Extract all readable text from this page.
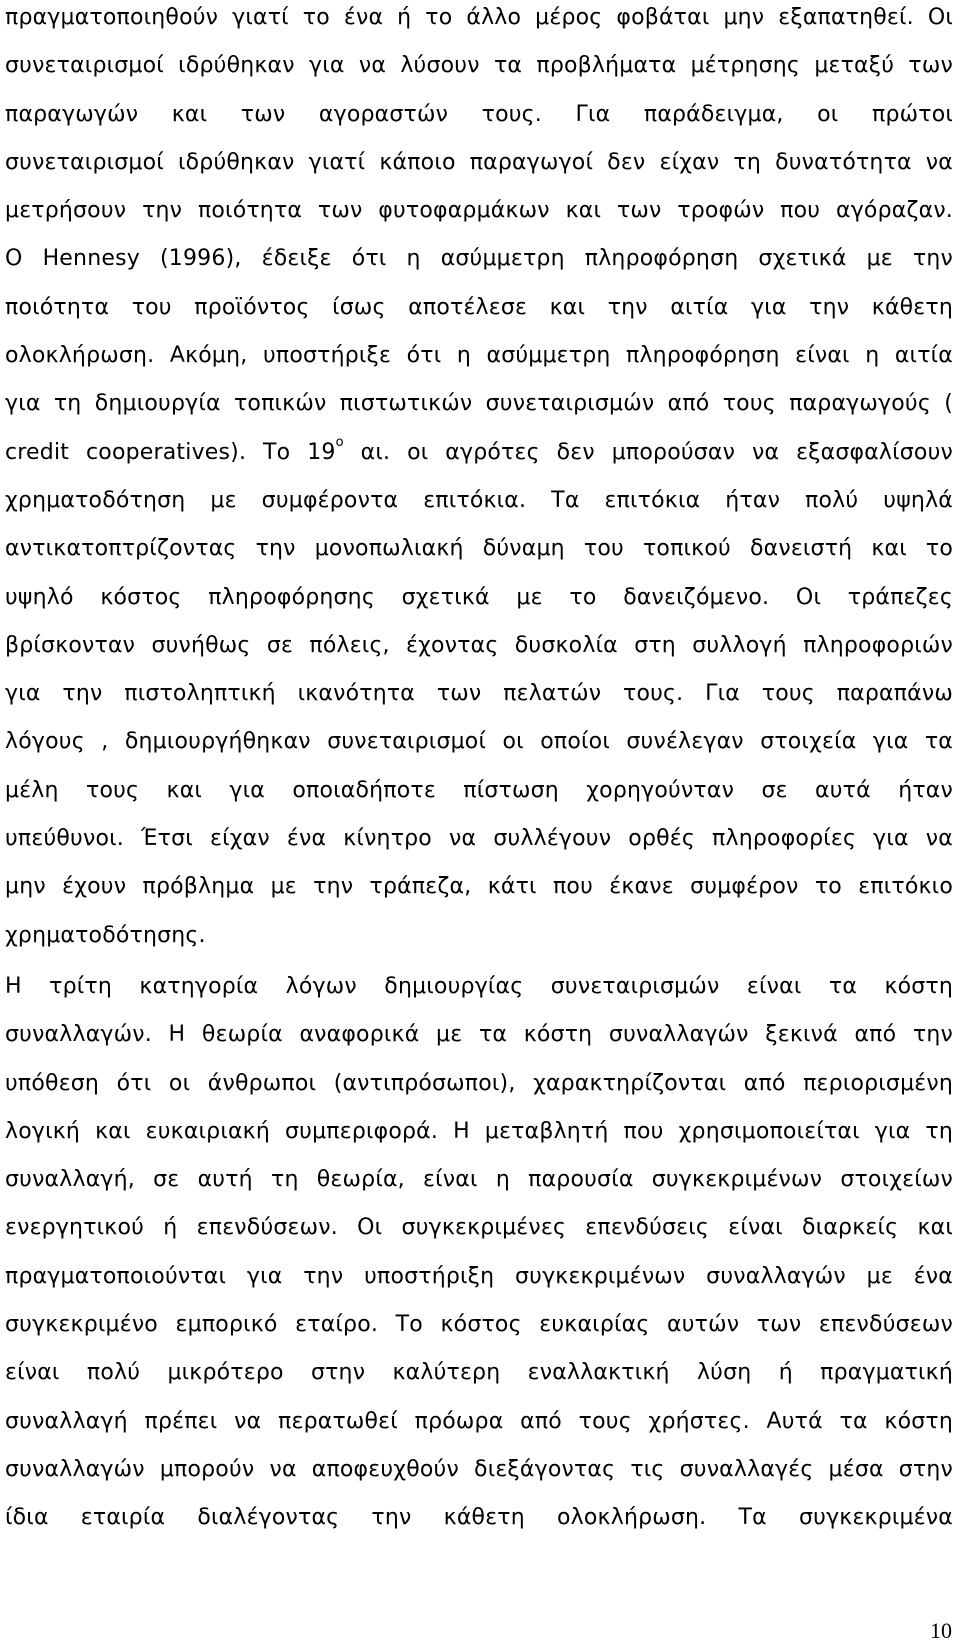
πραγματοποιηθούν γιατί το ένα ή το άλλο μέρος φοβάται μην εξαπατηθεί. Οι
συνεταιρισμοί ιδρύθηκαν για να λύσουν τα προβλήματα μέτρησης μεταξύ των
παραγωγών και των αγοραστών τους. Για παράδειγμα, οι πρώτοι
συνεταιρισμοί ιδρύθηκαν γιατί κάποιο παραγωγοί δεν είχαν τη δυνατότητα να
μετρήσουν την ποιότητα των φυτοφαρμάκων και των τροφών που αγόραζαν.
Ο Hennesy (1996), έδειξε ότι η ασύμμετρη πληροφόρηση σχετικά με την
ποιότητα του προϊόντος ίσως αποτέλεσε και την αιτία για την κάθετη
ολοκλήρωση. Ακόμη, υποστήριξε ότι η ασύμμετρη πληροφόρηση είναι η αιτία
για τη δημιουργία τοπικών πιστωτικών συνεταιρισμών από τους παραγωγούς (
credit cooperatives). Το $19^o$ αι. οι αγρότες δεν μπορούσαν να εξασφαλίσουν
χρηματοδότηση με συμφέροντα επιτόκια. Τα επιτόκια ήταν πολύ υψηλά
αντικατοπτρίζοντας την μονοπωλιακή δύναμη του τοπικού δανειστή και το
υψηλό κόστος πληροφόρησης σχετικά με το δανειζόμενο. Οι τράπεζες
βρίσκονταν συνήθως σε πόλεις, έχοντας δυσκολία στη συλλογή πληροφοριών
για την πιστοληπτική ικανότητα των πελατών τους. Για τους παραπάνω
λόγους , δημιουργήθηκαν συνεταιρισμοί οι οποίοι συνέλεγαν στοιχεία για τα
μέλη τους και για οποιαδήποτε πίστωση χορηγούνταν σε αυτά ήταν
υπεύθυνοι. Έτσι είχαν ένα κίνητρο να συλλέγουν ορθές πληροφορίες για να
μην έχουν πρόβλημα με την τράπεζα, κάτι που έκανε συμφέρον το επιτόκιο
χρηματοδότησης.
Η τρίτη κατηγορία λόγων δημιουργίας συνεταιρισμών είναι τα κόστη
συναλλαγών. Η θεωρία αναφορικά με τα κόστη συναλλαγών ξεκινά από την
υπόθεση ότι οι άνθρωποι (αντιπρόσωποι), χαρακτηρίζονται από περιορισμένη
λογική και ευκαιριακή συμπεριφορά. Η μεταβλητή που χρησιμοποιείται για τη
συναλλαγή, σε αυτή τη θεωρία, είναι η παρουσία συγκεκριμένων στοιχείων
ενεργητικού ή επενδύσεων. Οι συγκεκριμένες επενδύσεις είναι διαρκείς και
πραγματοποιούνται για την υποστήριξη συγκεκριμένων συναλλαγών με ένα
συγκεκριμένο εμπορικό εταίρο. Το κόστος ευκαιρίας αυτών των επενδύσεων
είναι πολύ μικρότερο στην καλύτερη εναλλακτική λύση ή πραγματική
συναλλαγή πρέπει να περατωθεί πρόωρα από τους χρήστες. Αυτά τα κόστη
συναλλαγών μπορούν να αποφευχθούν διεξάγοντας τις συναλλαγές μέσα στην
ίδια εταιρία διαλέγοντας την κάθετη ολοκλήρωση. Τα συγκεκριμένα
10
